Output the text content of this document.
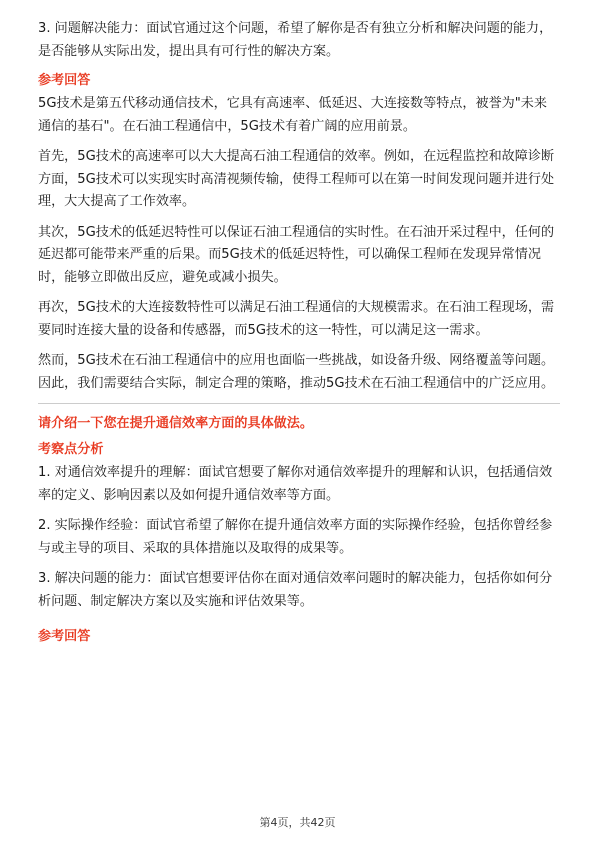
3. 问题解决能力：面试官通过这个问题，希望了解你是否有独立分析和解决问题的能力，是否能够从实际出发，提出具有可行性的解决方案。

参考回答

5G技术是第五代移动通信技术，它具有高速率、低延迟、大连接数等特点，被誉为"未来通信的基石"。在石油工程通信中，5G技术有着广阔的应用前景。

首先，5G技术的高速率可以大大提高石油工程通信的效率。例如，在远程监控和故障诊断方面，5G技术可以实现实时高清视频传输，使得工程师可以在第一时间发现问题并进行处理，大大提高了工作效率。

其次，5G技术的低延迟特性可以保证石油工程通信的实时性。在石油开采过程中，任何的延迟都可能带来严重的后果。而5G技术的低延迟特性，可以确保工程师在发现异常情况时，能够立即做出反应，避免或减小损失。

再次，5G技术的大连接数特性可以满足石油工程通信的大规模需求。在石油工程现场，需要同时连接大量的设备和传感器，而5G技术的这一特性，可以满足这一需求。

然而，5G技术在石油工程通信中的应用也面临一些挑战，如设备升级、网络覆盖等问题。因此，我们需要结合实际，制定合理的策略，推动5G技术在石油工程通信中的广泛应用。

请介绍一下您在提升通信效率方面的具体做法。
考察点分析

1. 对通信效率提升的理解：面试官想要了解你对通信效率提升的理解和认识，包括通信效率的定义、影响因素以及如何提升通信效率等方面。

2. 实际操作经验：面试官希望了解你在提升通信效率方面的实际操作经验，包括你曾经参与或主导的项目、采取的具体措施以及取得的成果等。

3. 解决问题的能力：面试官想要评估你在面对通信效率问题时的解决能力，包括你如何分析问题、制定解决方案以及实施和评估效果等。

参考回答
第4页，共42页
